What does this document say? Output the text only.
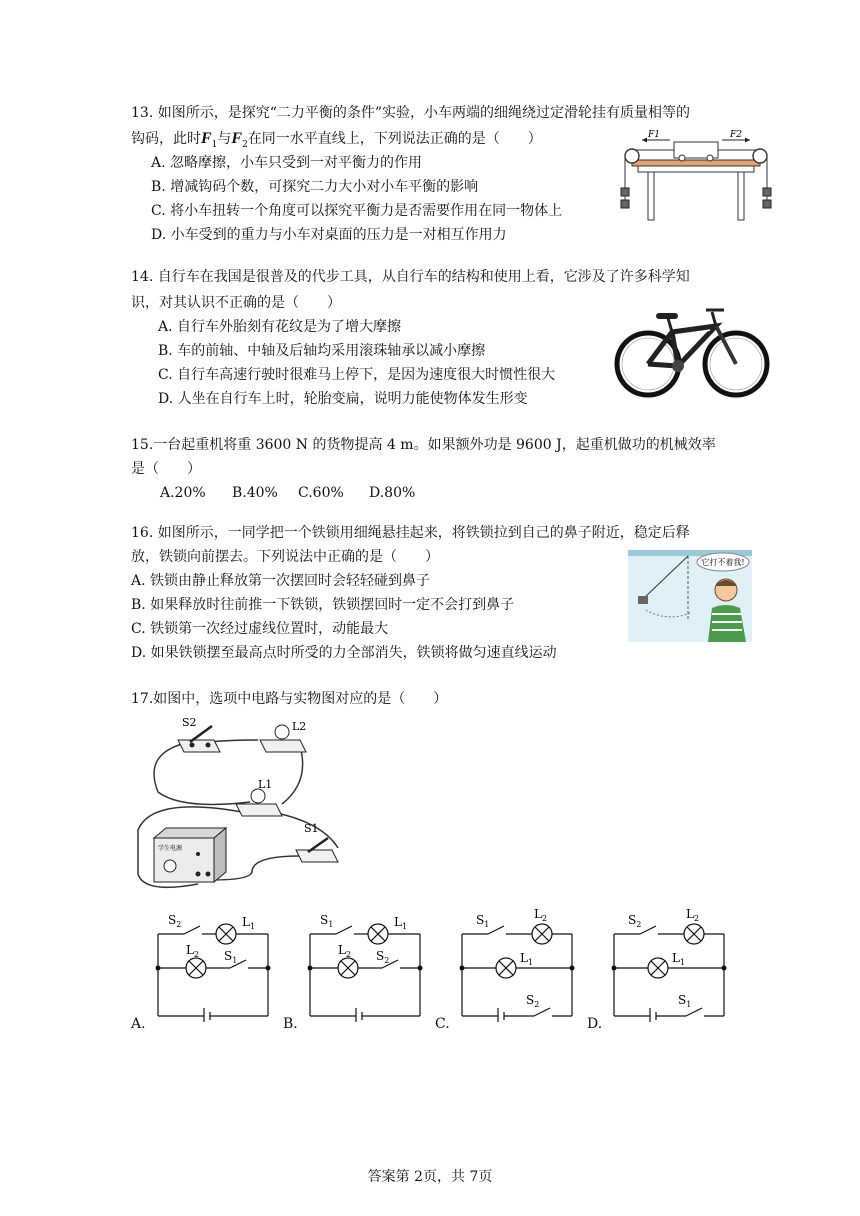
13. 如图所示，是探究“二力平衡的条件”实验，小车两端的细绳绕过定滑轮挂有质量相等的
钩码，此时$F_1$与$F_2$在同一水平直线上，下列说法正确的是（　　）
A. 忽略摩擦，小车只受到一对平衡力的作用
B. 增减钩码个数，可探究二力大小对小车平衡的影响
C. 将小车扭转一个角度可以探究平衡力是否需要作用在同一物体上
D. 小车受到的重力与小车对桌面的压力是一对相互作用力
F1	F2
14. 自行车在我国是很普及的代步工具，从自行车的结构和使用上看，它涉及了许多科学知
识，对其认识不正确的是（　　）
A. 自行车外胎刻有花纹是为了增大摩擦
B. 车的前轴、中轴及后轴均采用滚珠轴承以减小摩擦
C. 自行车高速行驶时很难马上停下，是因为速度很大时惯性很大
D. 人坐在自行车上时，轮胎变扁，说明力能使物体发生形变
15.一台起重机将重 3600 N 的货物提高 4 m。如果额外功是 9600 J，起重机做功的机械效率
是（　　）
A.20% B.40% C.60% D.80%
16. 如图所示，一同学把一个铁锁用细绳悬挂起来，将铁锁拉到自己的鼻子附近，稳定后释
放，铁锁向前摆去。下列说法中正确的是（　　）
A. 铁锁由静止释放第一次摆回时会轻轻碰到鼻子
B. 如果释放时往前推一下铁锁，铁锁摆回时一定不会打到鼻子
C. 铁锁第一次经过虚线位置时，动能最大
D. 如果铁锁摆至最高点时所受的力全部消失，铁锁将做匀速直线运动
它打不着我!
17.如图中，选项中电路与实物图对应的是（　　）
S2	L2
L1
S1
学生电源
$S_2$	$L_1$
$L_2$ $S_1$
$S_1$	$L_1$
$L_2$ $S_2$
$S_1$
$L_2$
$L_1$
$S_2$
$S_2$
$L_2$
$L_1$
$S_1$
A.	B.	C.	D.
答案第 2页，共 7页
